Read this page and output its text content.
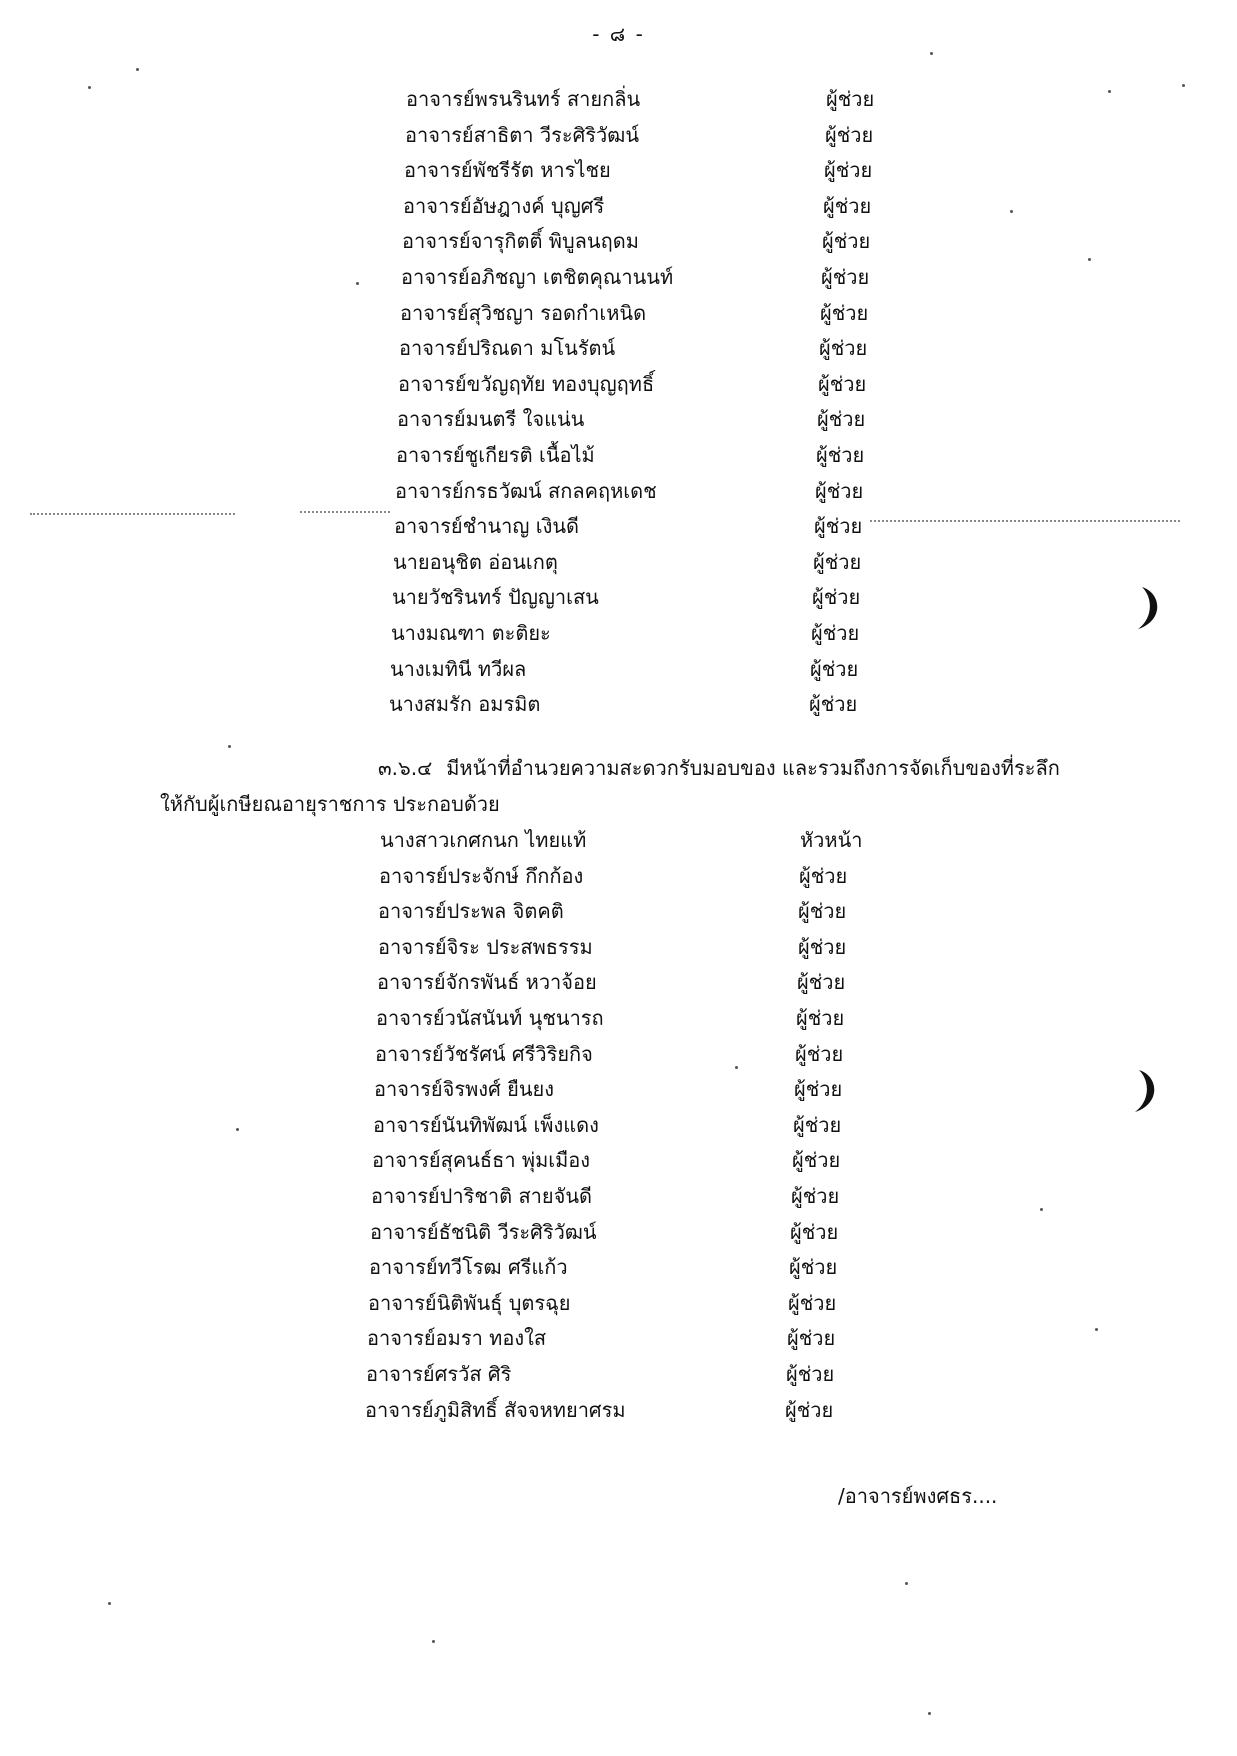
- ๘ -
อาจารย์พรนรินทร์ สายกลิ่น	ผู้ช่วย
อาจารย์สาธิตา วีระศิริวัฒน์	ผู้ช่วย
อาจารย์พัชรีรัต หารไชย	ผู้ช่วย
อาจารย์อัษฎางค์ บุญศรี	ผู้ช่วย
อาจารย์จารุกิตติ์ พิบูลนฤดม	ผู้ช่วย
อาจารย์อภิชญา เตชิตคุณานนท์	ผู้ช่วย
อาจารย์สุวิชญา รอดกำเหนิด	ผู้ช่วย
อาจารย์ปริณดา มโนรัตน์	ผู้ช่วย
อาจารย์ขวัญฤทัย ทองบุญฤทธิ์	ผู้ช่วย
อาจารย์มนตรี ใจแน่น	ผู้ช่วย
อาจารย์ชูเกียรติ เนื้อไม้	ผู้ช่วย
อาจารย์กรธวัฒน์ สกลคฤหเดช	ผู้ช่วย
อาจารย์ชำนาญ เงินดี	ผู้ช่วย
นายอนุชิต อ่อนเกตุ	ผู้ช่วย
นายวัชรินทร์ ปัญญาเสน	ผู้ช่วย
นางมณฑา ตะติยะ	ผู้ช่วย
นางเมทินี ทวีผล	ผู้ช่วย
นางสมรัก อมรมิต	ผู้ช่วย
๓.๖.๔ มีหน้าที่อำนวยความสะดวกรับมอบของ และรวมถึงการจัดเก็บของที่ระลึก
ให้กับผู้เกษียณอายุราชการ ประกอบด้วย
นางสาวเกศกนก ไทยแท้	หัวหน้า
อาจารย์ประจักษ์ กึกก้อง	ผู้ช่วย
อาจารย์ประพล จิตคติ	ผู้ช่วย
อาจารย์จิระ ประสพธรรม	ผู้ช่วย
อาจารย์จักรพันธ์ หวาจ้อย	ผู้ช่วย
อาจารย์วนัสนันท์ นุชนารถ	ผู้ช่วย
อาจารย์วัชรัศน์ ศรีวิริยกิจ	ผู้ช่วย
อาจารย์จิรพงศ์ ยืนยง	ผู้ช่วย
อาจารย์นันทิพัฒน์ เพ็งแดง	ผู้ช่วย
อาจารย์สุคนธ์ธา พุ่มเมือง	ผู้ช่วย
อาจารย์ปาริชาติ สายจันดี	ผู้ช่วย
อาจารย์ธัชนิติ วีระศิริวัฒน์	ผู้ช่วย
อาจารย์ทวีโรฒ ศรีแก้ว	ผู้ช่วย
อาจารย์นิติพันธุ์ บุตรฉุย	ผู้ช่วย
อาจารย์อมรา ทองใส	ผู้ช่วย
อาจารย์ศรวัส ศิริ	ผู้ช่วย
อาจารย์ภูมิสิทธิ์ สัจจหทยาศรม	ผู้ช่วย
/อาจารย์พงศธร....
